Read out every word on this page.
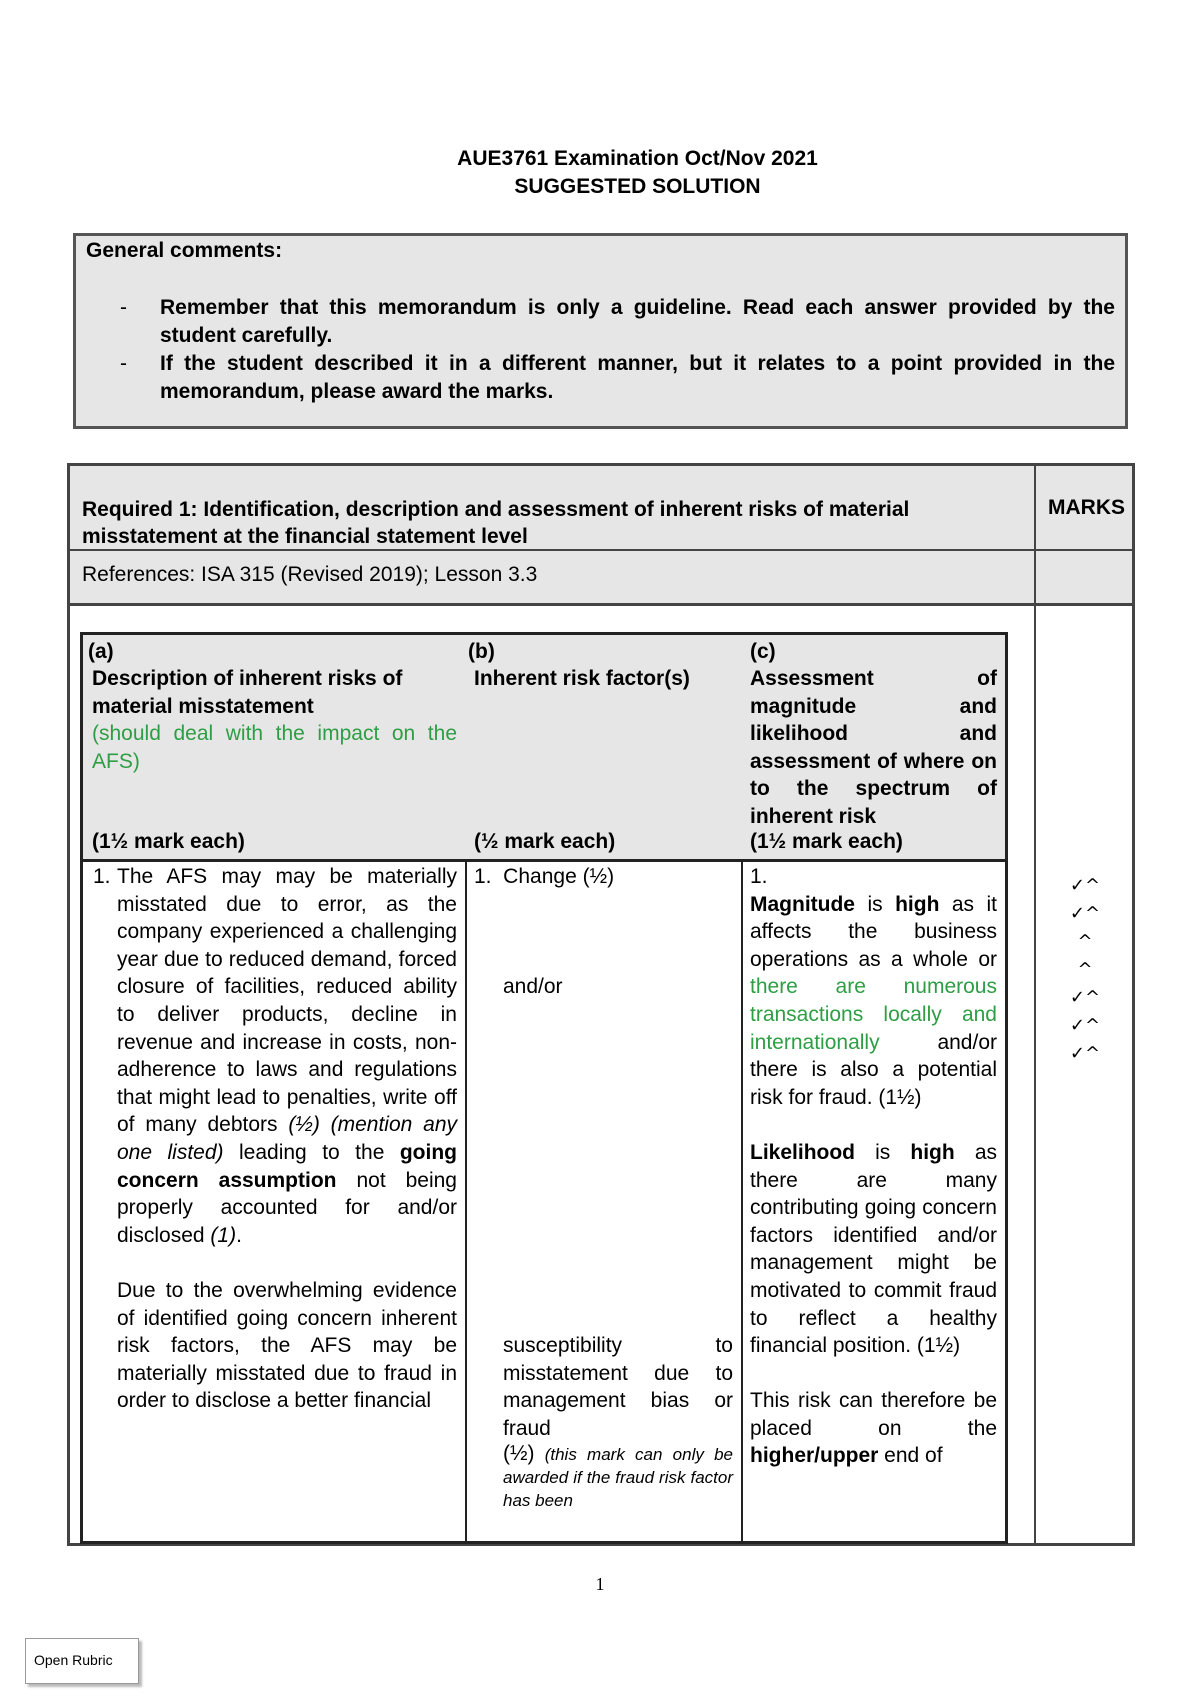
AUE3761 Examination Oct/Nov 2021
SUGGESTED SOLUTION
General comments:
- Remember that this memorandum is only a guideline. Read each answer provided by the student carefully.
- If the student described it in a different manner, but it relates to a point provided in the memorandum, please award the marks.
Required 1: Identification, description and assessment of inherent risks of material misstatement at the financial statement level
MARKS
References: ISA 315 (Revised 2019); Lesson 3.3
(a)
Description of inherent risks of material misstatement
(should deal with the impact on the AFS)
(1½ mark each)
1. The AFS may may be materially misstated due to error, as the company experienced a challenging year due to reduced demand, forced closure of facilities, reduced ability to deliver products, decline in revenue and increase in costs, non-adherence to laws and regulations that might lead to penalties, write off of many debtors (½) (mention any one listed) leading to the going concern assumption not being properly accounted for and/or disclosed (1).

Due to the overwhelming evidence of identified going concern inherent risk factors, the AFS may be materially misstated due to fraud in order to disclose a better financial

(b)
Inherent risk factor(s)
(½ mark each)
1.  Change (½)
and/or

susceptibility to misstatement due to management bias or fraud

(½) (this mark can only be awarded if the fraud risk factor has been

(c)
Assessment of magnitude and likelihood and assessment of where on to the spectrum of inherent risk
(1½ mark each)

1.

Magnitude is high as it affects the business operations as a whole or there are numerous transactions locally and internationally and/or there is also a potential risk for fraud. (1½)

Likelihood is high as there are many contributing going concern factors identified and/or management might be motivated to commit fraud to reflect a healthy financial position. (1½)

This risk can therefore be placed on the higher/upper end of

✓^
✓^
^
^
✓^
✓^
✓^
1
Open Rubric
